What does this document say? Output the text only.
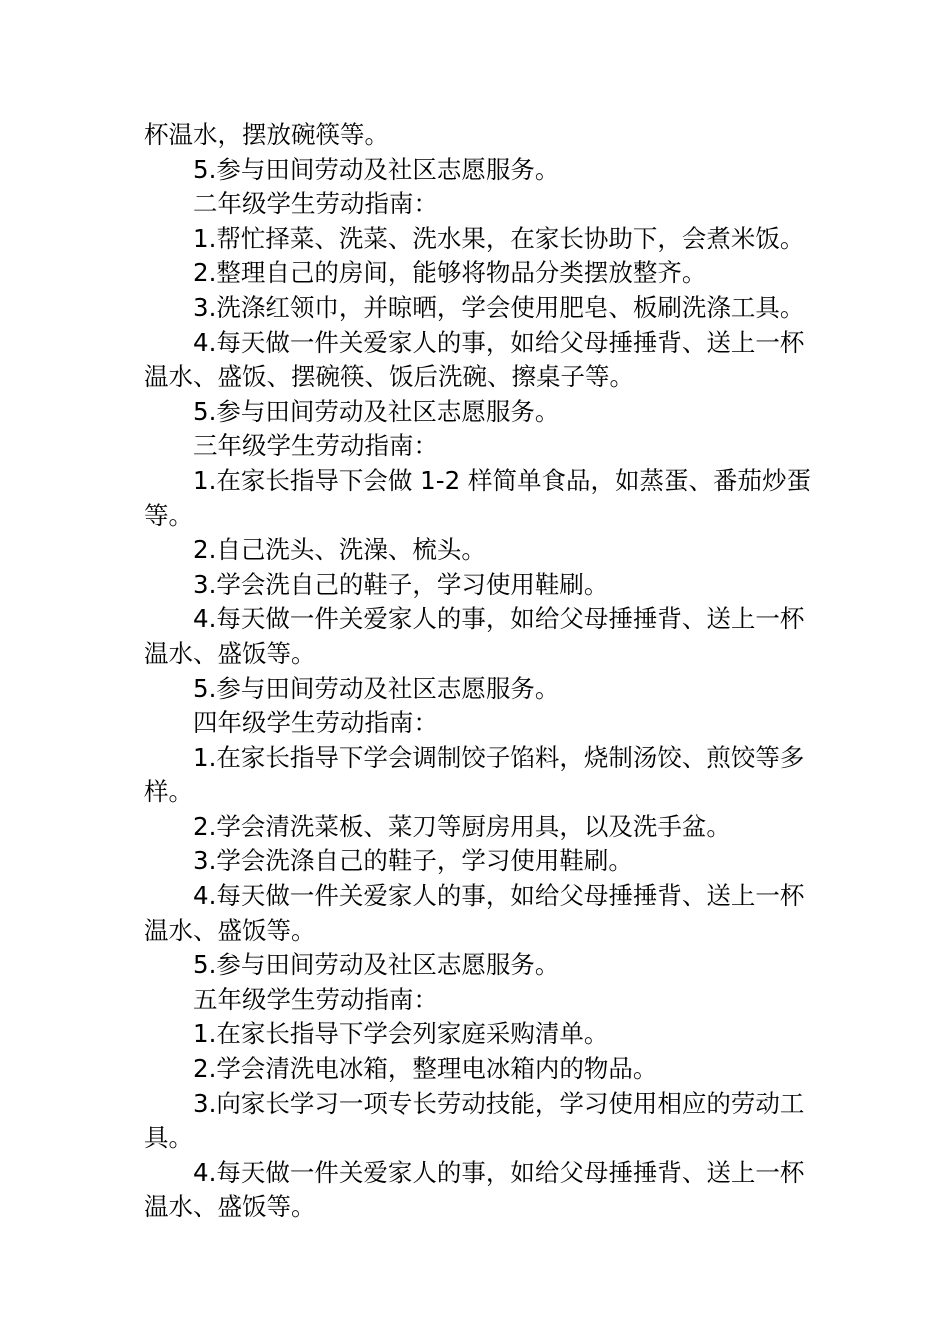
杯温水，摆放碗筷等。

5.参与田间劳动及社区志愿服务。

二年级学生劳动指南：

1.帮忙择菜、洗菜、洗水果，在家长协助下，会煮米饭。

2.整理自己的房间，能够将物品分类摆放整齐。

3.洗涤红领巾，并晾晒，学会使用肥皂、板刷洗涤工具。

4.每天做一件关爱家人的事，如给父母捶捶背、送上一杯温水、盛饭、摆碗筷、饭后洗碗、擦桌子等。

5.参与田间劳动及社区志愿服务。

三年级学生劳动指南：

1.在家长指导下会做 1-2 样简单食品，如蒸蛋、番茄炒蛋等。

2.自己洗头、洗澡、梳头。

3.学会洗自己的鞋子，学习使用鞋刷。

4.每天做一件关爱家人的事，如给父母捶捶背、送上一杯温水、盛饭等。

5.参与田间劳动及社区志愿服务。

四年级学生劳动指南：

1.在家长指导下学会调制饺子馅料，烧制汤饺、煎饺等多样。

2.学会清洗菜板、菜刀等厨房用具，以及洗手盆。

3.学会洗涤自己的鞋子，学习使用鞋刷。

4.每天做一件关爱家人的事，如给父母捶捶背、送上一杯温水、盛饭等。

5.参与田间劳动及社区志愿服务。

五年级学生劳动指南：

1.在家长指导下学会列家庭采购清单。

2.学会清洗电冰箱，整理电冰箱内的物品。

3.向家长学习一项专长劳动技能，学习使用相应的劳动工具。

4.每天做一件关爱家人的事，如给父母捶捶背、送上一杯温水、盛饭等。
